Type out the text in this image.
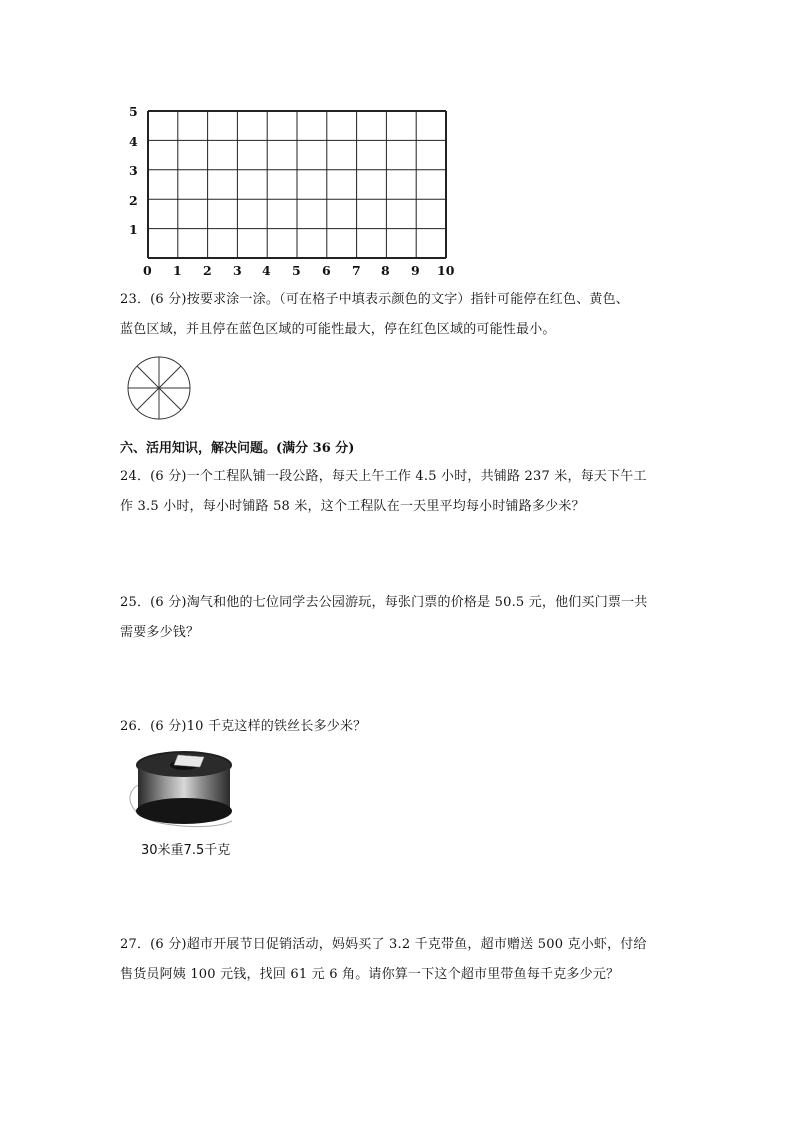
5
4
3
2
1
0 1 2 3 4 5 6 7 8 9 10
23．(6 分)按要求涂一涂。（可在格子中填表示颜色的文字）指针可能停在红色、黄色、
蓝色区域，并且停在蓝色区域的可能性最大，停在红色区域的可能性最小。
六、活用知识，解决问题。(满分 36 分)
24．(6 分)一个工程队铺一段公路，每天上午工作 4.5 小时，共铺路 237 米，每天下午工
作 3.5 小时，每小时铺路 58 米，这个工程队在一天里平均每小时铺路多少米？
25．(6 分)淘气和他的七位同学去公园游玩，每张门票的价格是 50.5 元，他们买门票一共
需要多少钱？
26．(6 分)10 千克这样的铁丝长多少米？
30米重7.5千克
27．(6 分)超市开展节日促销活动，妈妈买了 3.2 千克带鱼，超市赠送 500 克小虾，付给
售货员阿姨 100 元钱，找回 61 元 6 角。请你算一下这个超市里带鱼每千克多少元？
